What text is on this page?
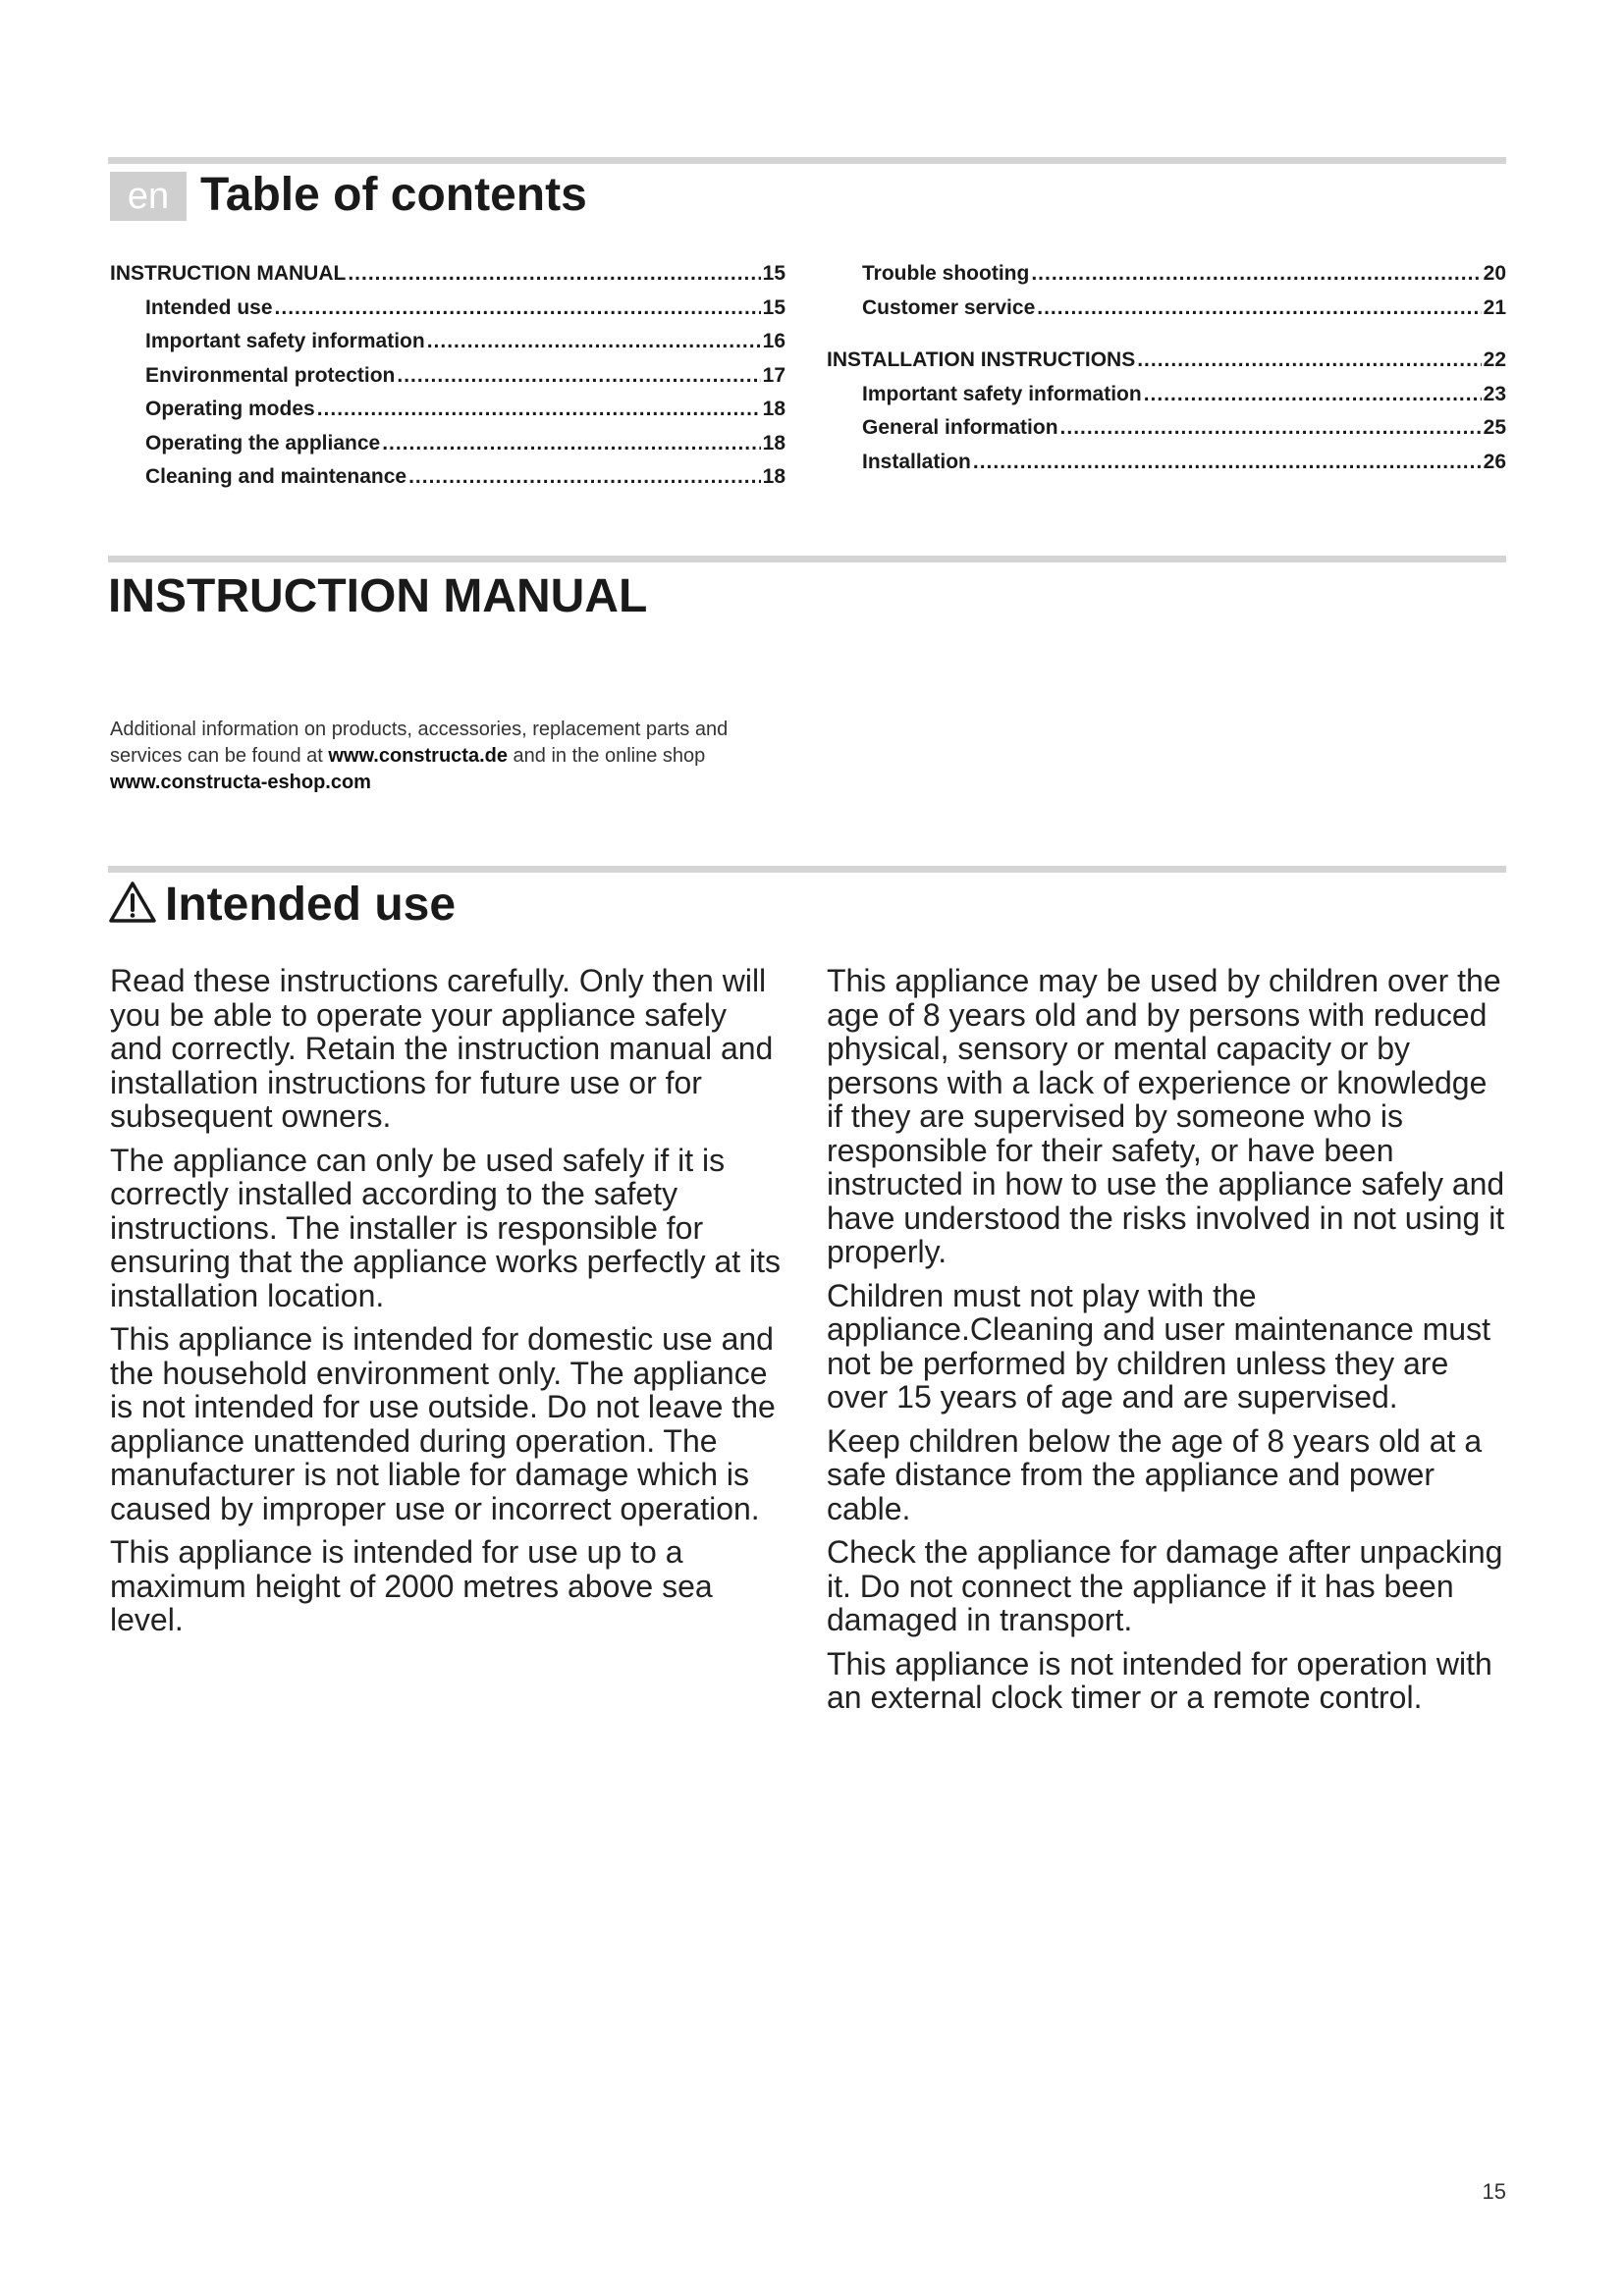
en Table of contents
INSTRUCTION MANUAL .....	15
Intended use .....	15
Important safety information .....	16
Environmental protection .....	17
Operating modes .....	18
Operating the appliance .....	18
Cleaning and maintenance .....	18
Trouble shooting .....	20
Customer service .....	21
INSTALLATION INSTRUCTIONS .....	22
Important safety information .....	23
General information .....	25
Installation .....	26
INSTRUCTION MANUAL
Additional information on products, accessories, replacement parts and services can be found at www.constructa.de and in the online shop www.constructa-eshop.com
Intended use

Read these instructions carefully. Only then will you be able to operate your appliance safely and correctly. Retain the instruction manual and installation instructions for future use or for subsequent owners.

The appliance can only be used safely if it is correctly installed according to the safety instructions. The installer is responsible for ensuring that the appliance works perfectly at its installation location.

This appliance is intended for domestic use and the household environment only. The appliance is not intended for use outside. Do not leave the appliance unattended during operation. The manufacturer is not liable for damage which is caused by improper use or incorrect operation.

This appliance is intended for use up to a maximum height of 2000 metres above sea level.

This appliance may be used by children over the age of 8 years old and by persons with reduced physical, sensory or mental capacity or by persons with a lack of experience or knowledge if they are supervised by someone who is responsible for their safety, or have been instructed in how to use the appliance safely and have understood the risks involved in not using it properly.

Children must not play with the appliance.Cleaning and user maintenance must not be performed by children unless they are over 15 years of age and are supervised.

Keep children below the age of 8 years old at a safe distance from the appliance and power cable.

Check the appliance for damage after unpacking it. Do not connect the appliance if it has been damaged in transport.

This appliance is not intended for operation with an external clock timer or a remote control.

15
